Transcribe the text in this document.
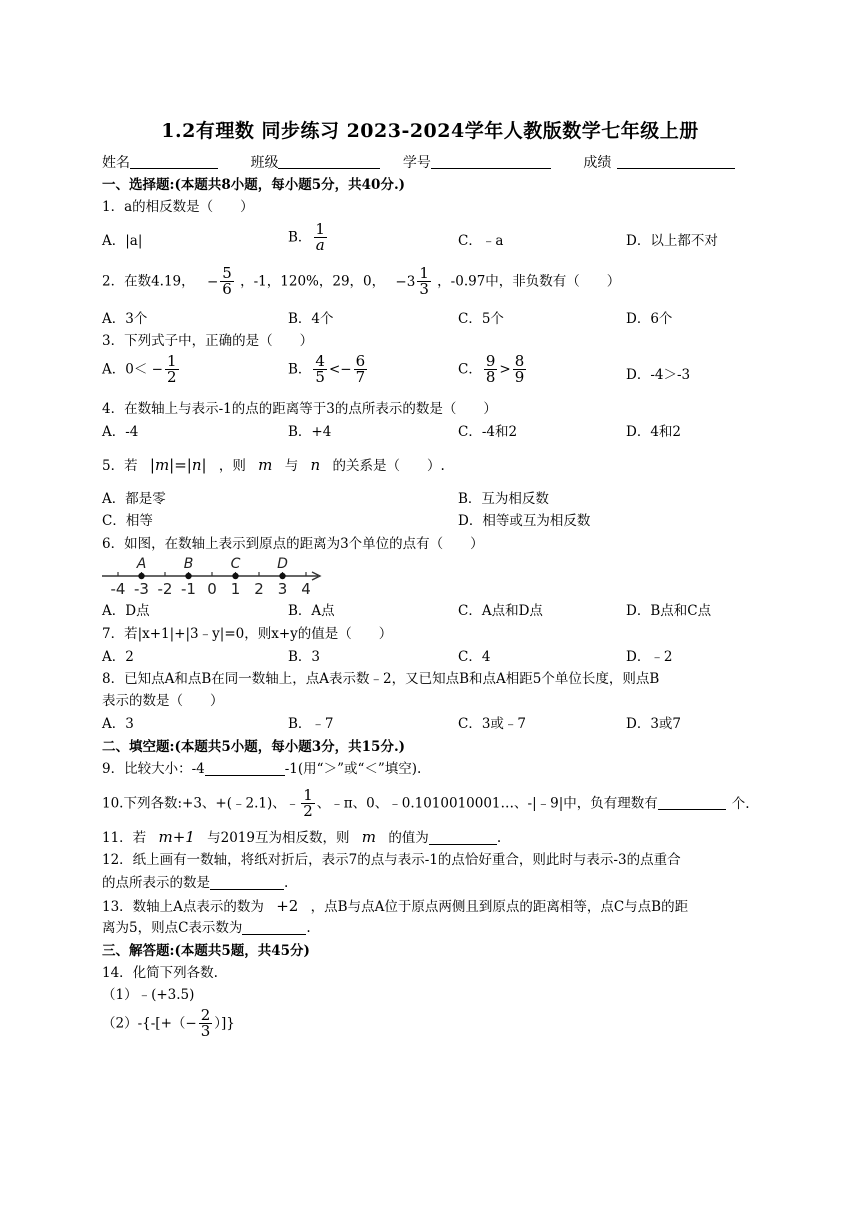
1.2有理数 同步练习 2023-2024学年人教版数学七年级上册
姓名	班级	学号	成绩
一、选择题:(本题共8小题，每小题5分，共40分.)
1．a的相反数是（　　）
A．|a|	B． $\frac{1}{a}$	C．﹣a	D．以上都不对
2．在数4.19， − $\frac{5}{6}$ ，-1，120%，29，0， $-3 \frac{1}{3}$ ，-0.97中，非负数有（　　）
A．3个	B．4个	C．5个	D．6个
3．下列式子中，正确的是（　　）
A．$0< - \frac{1}{2}$	B． $\frac{4}{5} <- \frac{6}{7}$	C． $\frac{9}{8} > \frac{8}{9}$	D．-4＞-3
4．在数轴上与表示-1的点的距离等于3的点所表示的数是（　　）
A．-4	B．+4	C．-4和2	D．4和2
5．若 |m|=|n| ，则 m 与 n 的关系是（　　）.
A．都是零	B．互为相反数
C．相等	D．相等或互为相反数
6．如图，在数轴上表示到原点的距离为3个单位的点有（　　）
-4 -3 -2 -1 0 1 2 3 4
A	B	C	D
A．D点	B．A点	C．A点和D点	D．B点和C点
7．若|x+1|+|3﹣y|=0，则x+y的值是（　　）
A．2	B．3	C．4	D．﹣2
8．已知点A和点B在同一数轴上，点A表示数﹣2，又已知点B和点A相距5个单位长度，则点B
表示的数是（　　）
A．3	B．﹣7	C．3或﹣7	D．3或7
二、填空题:(本题共5小题，每小题3分，共15分.)
9．比较大小：-4	-1(用“＞”或“＜”填空).
10.下列各数:+3、+(﹣2.1)、﹣ $\frac{1}{2}$ 、﹣π、0、﹣0.1010010001…、-|﹣9|中，负有理数有	个.
11．若 m+1 与2019互为相反数，则 m 的值为	.
12．纸上画有一数轴，将纸对折后，表示7的点与表示-1的点恰好重合，则此时与表示-3的点重合
的点所表示的数是	.
13．数轴上A点表示的数为 +2 ，点B与点A位于原点两侧且到原点的距离相等，点C与点B的距
离为5，则点C表示数为	.
三、解答题:(本题共5题，共45分)
14．化简下列各数.
（1）﹣(+3.5)
$(2)-\{-[+(- \frac{2}{3}$ ）]}
